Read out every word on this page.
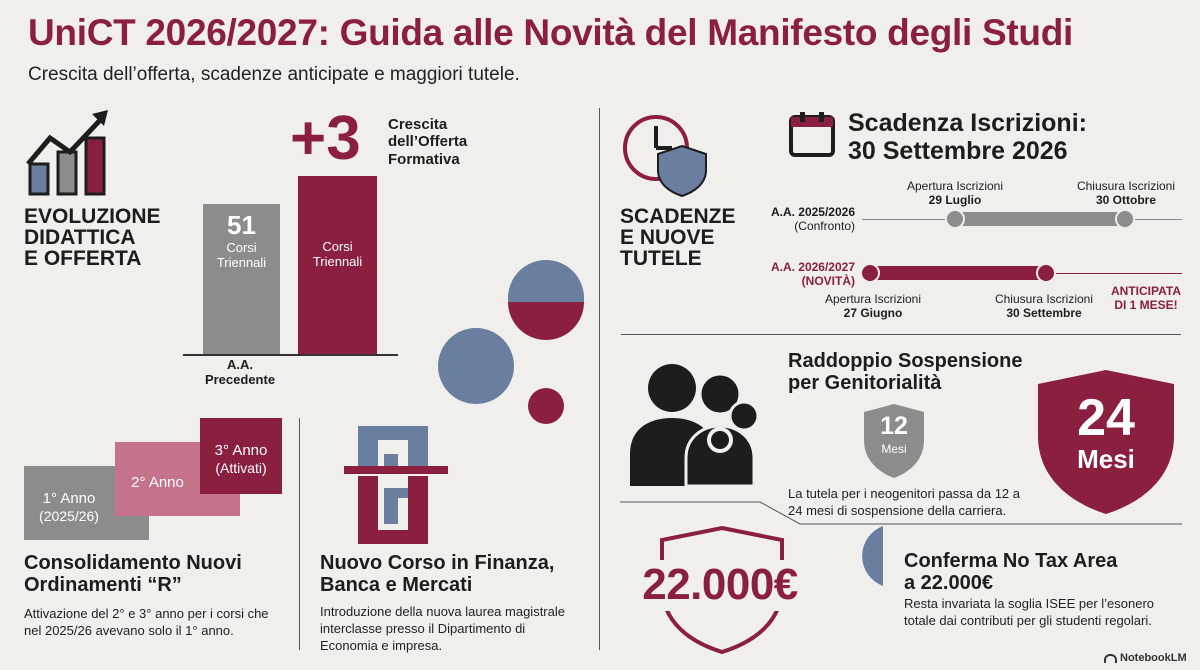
UniCT 2026/2027: Guida alle Novità del Manifesto degli Studi
Crescita dell’offerta, scadenze anticipate e maggiori tutele.
EVOLUZIONE
DIDATTICA
E OFFERTA
+3 Crescita
dell’Offerta
Formativa
51
Corsi
Triennali
Corsi
Triennali
A.A.
Precedente
1° Anno
(2025/26)
2° Anno
3° Anno
(Attivati)
Consolidamento Nuovi
Ordinamenti “R”
Attivazione del 2° e 3° anno per i corsi che
nel 2025/26 avevano solo il 1° anno.
Nuovo Corso in Finanza,
Banca e Mercati
Introduzione della nuova laurea magistrale
interclasse presso il Dipartimento di
Economia e impresa.
SCADENZE
E NUOVE
TUTELE
Scadenza Iscrizioni:
30 Settembre 2026
A.A. 2025/2026
(Confronto)
Apertura Iscrizioni
29 Luglio
Chiusura Iscrizioni
30 Ottobre
A.A. 2026/2027
(NOVITÀ)
Apertura Iscrizioni
27 Giugno
Chiusura Iscrizioni
30 Settembre
ANTICIPATA
DI 1 MESE!
Raddoppio Sospensione
per Genitorialità
12
Mesi
24
Mesi
La tutela per i neogenitori passa da 12 a
24 mesi di sospensione della carriera.
22.000€	Conferma No Tax Area
a 22.000€
Resta invariata la soglia ISEE per l’esonero
totale dai contributi per gli studenti regolari.
NotebookLM
